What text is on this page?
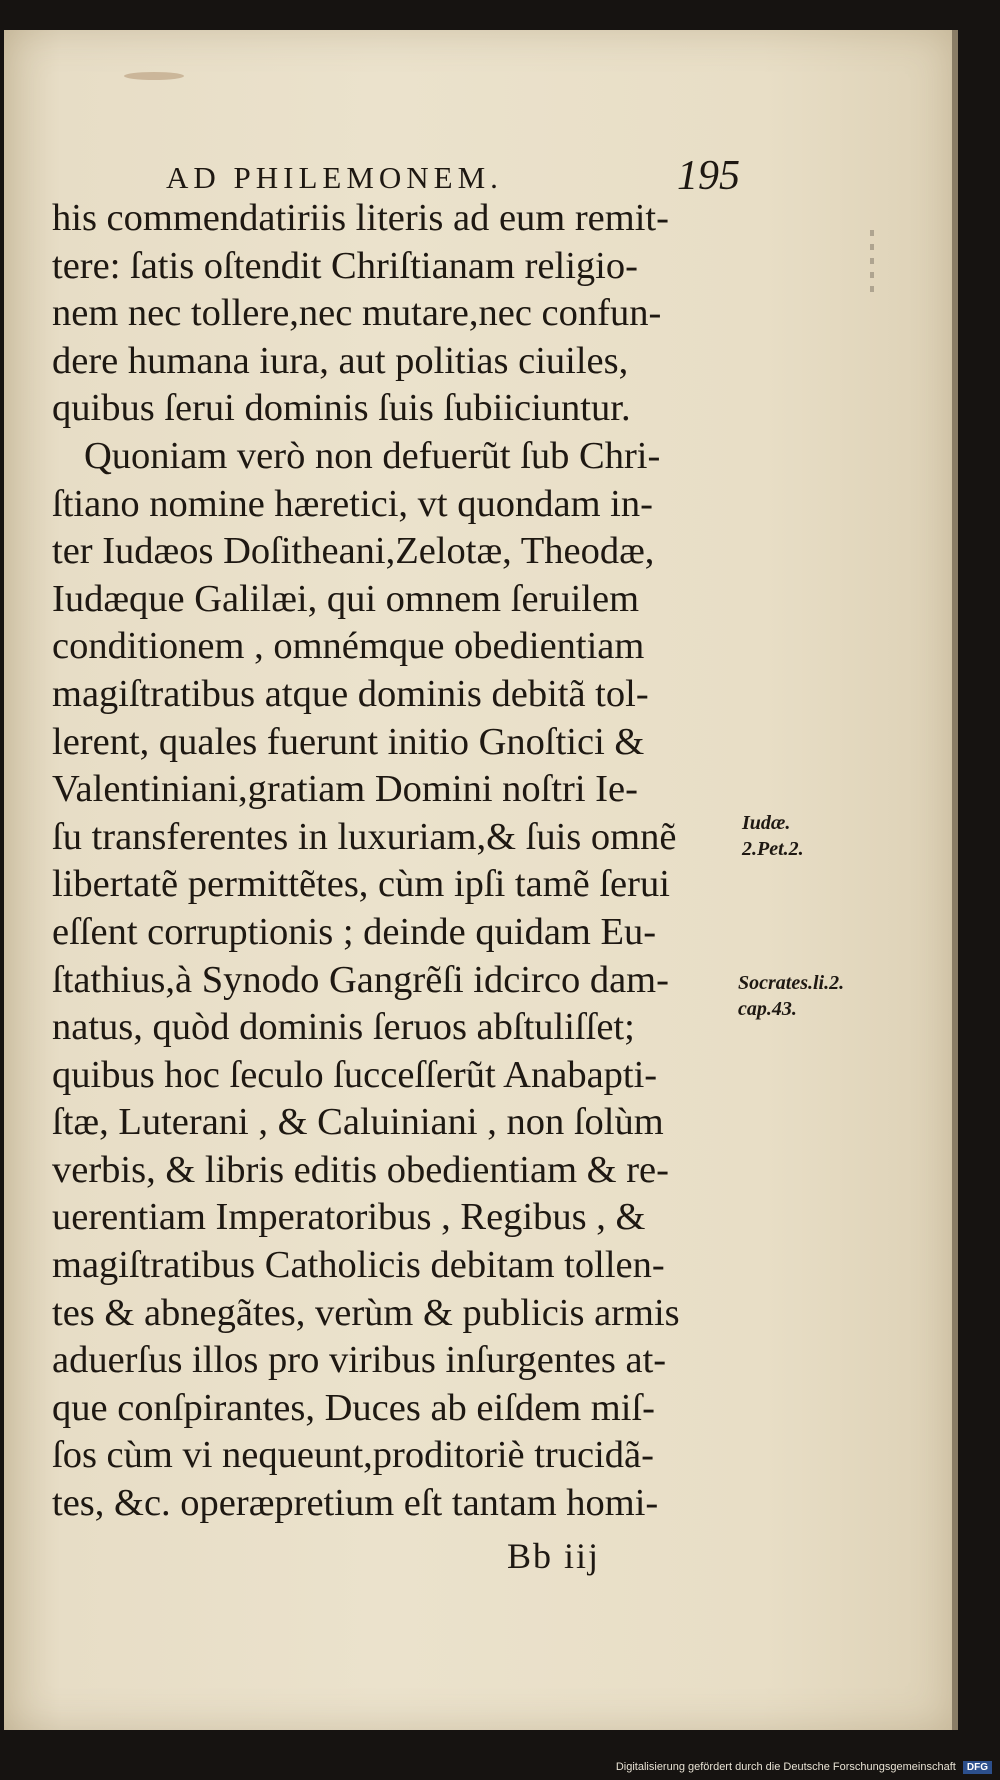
AD PHILEMONEM.	195
his commendatiriis literis ad eum remit-
tere: ſatis oſtendit Chriſtianam religio-
nem nec tollere,nec mutare,nec confun-
dere humana iura, aut politias ciuiles,
quibus ſerui dominis ſuis ſubiiciuntur.
Quoniam verò non defuerũt ſub Chri-
ſtiano nomine hæretici, vt quondam in-
ter Iudæos Doſitheani,Zelotæ, Theodæ,
Iudæque Galilæi, qui omnem ſeruilem
conditionem , omnémque obedientiam
magiſtratibus atque dominis debitã tol-
lerent, quales fuerunt initio Gnoſtici &
Valentiniani,gratiam Domini noſtri Ie-
ſu transferentes in luxuriam,& ſuis omnẽ
libertatẽ permittẽtes, cùm ipſi tamẽ ſerui
eſſent corruptionis ; deinde quidam Eu-
ſtathius,à Synodo Gangrẽſi idcirco dam-
natus, quòd dominis ſeruos abſtuliſſet;
quibus hoc ſeculo ſucceſſerũt Anabapti-
ſtæ, Luterani , & Caluiniani , non ſolùm
verbis, & libris editis obedientiam & re-
uerentiam Imperatoribus , Regibus , &
magiſtratibus Catholicis debitam tollen-
tes & abnegãtes, verùm & publicis armis
aduerſus illos pro viribus inſurgentes at-
que conſpirantes, Duces ab eiſdem miſ-
ſos cùm vi nequeunt,proditoriè trucidã-
tes, &c. operæpretium eſt tantam homi-
Iudæ.
2.Pet.2.
Socrates.li.2.
cap.43.
Bb iij
Digitalisierung gefördert durch die Deutsche Forschungsgemeinschaft DFG
